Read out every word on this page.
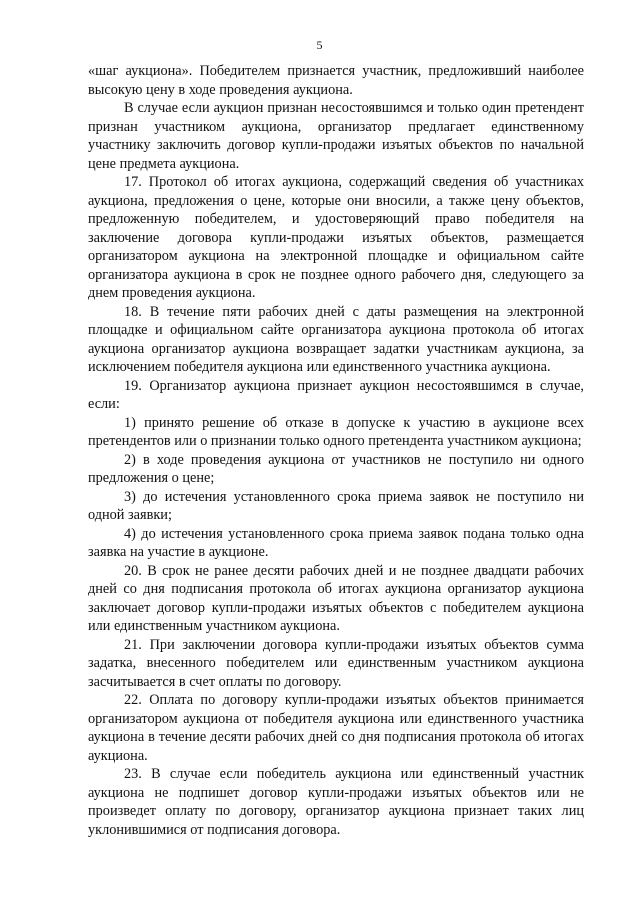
5

«шаг аукциона». Победителем признается участник, предложивший наиболее высокую цену в ходе проведения аукциона.

В случае если аукцион признан несостоявшимся и только один претендент признан участником аукциона, организатор предлагает единственному участнику заключить договор купли-продажи изъятых объектов по начальной цене предмета аукциона.

17. Протокол об итогах аукциона, содержащий сведения об участниках аукциона, предложения о цене, которые они вносили, а также цену объектов, предложенную победителем, и удостоверяющий право победителя на заключение договора купли-продажи изъятых объектов, размещается организатором аукциона на электронной площадке и официальном сайте организатора аукциона в срок не позднее одного рабочего дня, следующего за днем проведения аукциона.

18. В течение пяти рабочих дней с даты размещения на электронной площадке и официальном сайте организатора аукциона протокола об итогах аукциона организатор аукциона возвращает задатки участникам аукциона, за исключением победителя аукциона или единственного участника аукциона.

19. Организатор аукциона признает аукцион несостоявшимся в случае, если:

1) принято решение об отказе в допуске к участию в аукционе всех претендентов или о признании только одного претендента участником аукциона;

2) в ходе проведения аукциона от участников не поступило ни одного предложения о цене;

3) до истечения установленного срока приема заявок не поступило ни одной заявки;

4) до истечения установленного срока приема заявок подана только одна заявка на участие в аукционе.

20. В срок не ранее десяти рабочих дней и не позднее двадцати рабочих дней со дня подписания протокола об итогах аукциона организатор аукциона заключает договор купли-продажи изъятых объектов с победителем аукциона или единственным участником аукциона.

21. При заключении договора купли-продажи изъятых объектов сумма задатка, внесенного победителем или единственным участником аукциона засчитывается в счет оплаты по договору.

22. Оплата по договору купли-продажи изъятых объектов принимается организатором аукциона от победителя аукциона или единственного участника аукциона в течение десяти рабочих дней со дня подписания протокола об итогах аукциона.

23. В случае если победитель аукциона или единственный участник аукциона не подпишет договор купли-продажи изъятых объектов или не произведет оплату по договору, организатор аукциона признает таких лиц уклонившимися от подписания договора.
